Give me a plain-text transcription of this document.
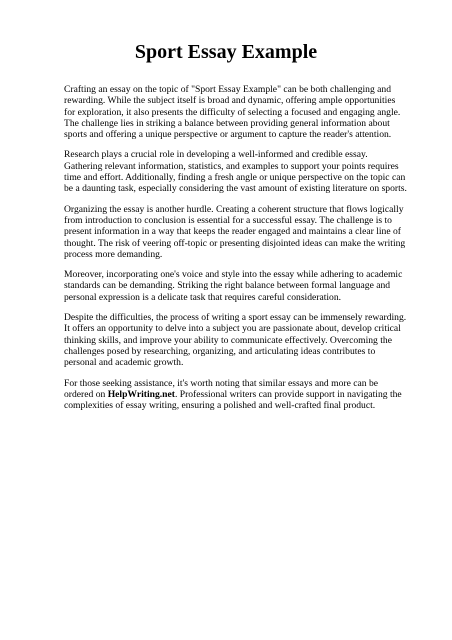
Sport Essay Example

Crafting an essay on the topic of "Sport Essay Example" can be both challenging and rewarding. While the subject itself is broad and dynamic, offering ample opportunities for exploration, it also presents the difficulty of selecting a focused and engaging angle. The challenge lies in striking a balance between providing general information about sports and offering a unique perspective or argument to capture the reader's attention.

Research plays a crucial role in developing a well-informed and credible essay. Gathering relevant information, statistics, and examples to support your points requires time and effort. Additionally, finding a fresh angle or unique perspective on the topic can be a daunting task, especially considering the vast amount of existing literature on sports.

Organizing the essay is another hurdle. Creating a coherent structure that flows logically from introduction to conclusion is essential for a successful essay. The challenge is to present information in a way that keeps the reader engaged and maintains a clear line of thought. The risk of veering off-topic or presenting disjointed ideas can make the writing process more demanding.

Moreover, incorporating one's voice and style into the essay while adhering to academic standards can be demanding. Striking the right balance between formal language and personal expression is a delicate task that requires careful consideration.

Despite the difficulties, the process of writing a sport essay can be immensely rewarding. It offers an opportunity to delve into a subject you are passionate about, develop critical thinking skills, and improve your ability to communicate effectively. Overcoming the challenges posed by researching, organizing, and articulating ideas contributes to personal and academic growth.

For those seeking assistance, it's worth noting that similar essays and more can be ordered on HelpWriting.net. Professional writers can provide support in navigating the complexities of essay writing, ensuring a polished and well-crafted final product.
